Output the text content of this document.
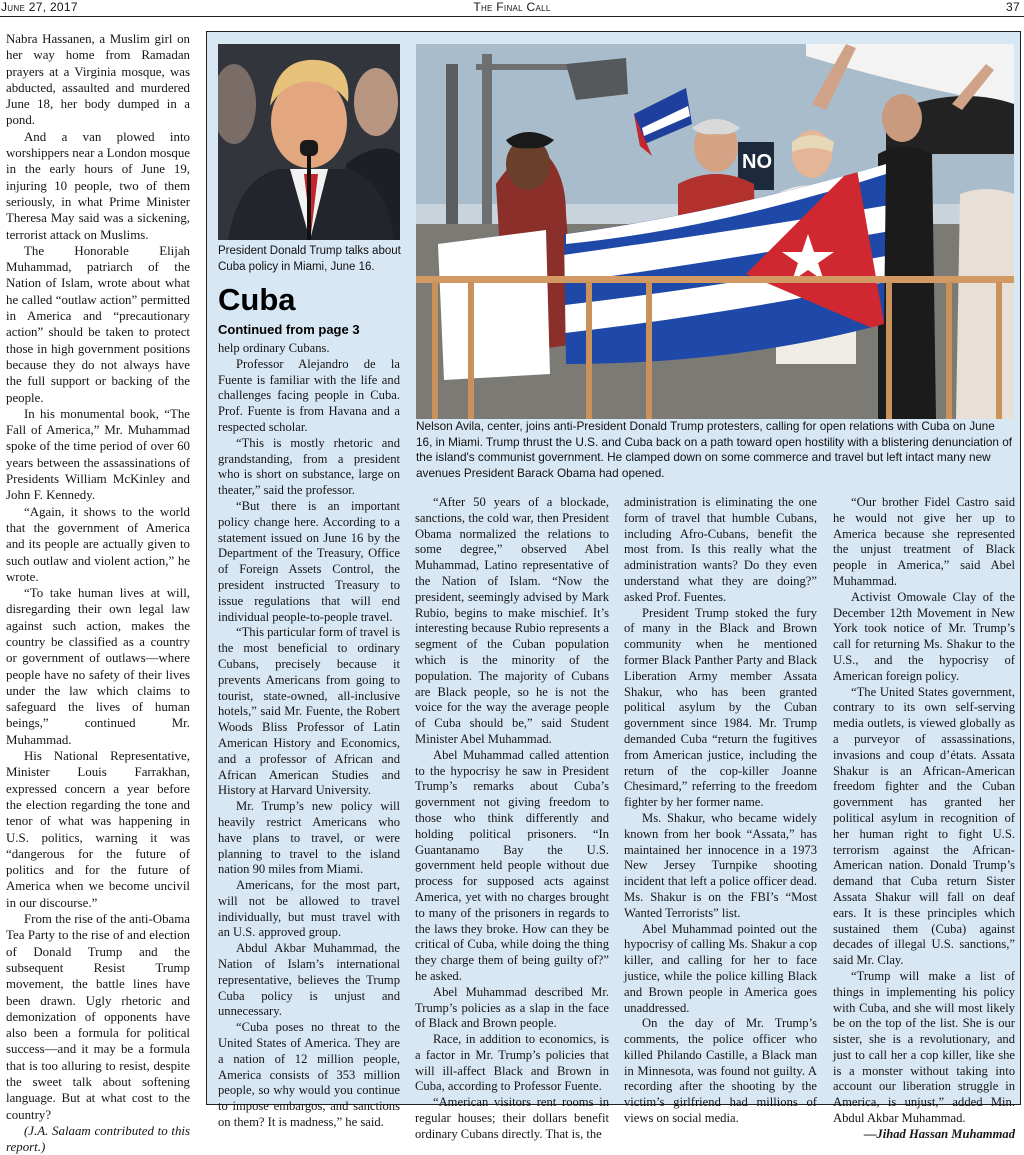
June 27, 2017	The Final Call	37

Nabra Hassanen, a Muslim girl on her way home from Ramadan prayers at a Virginia mosque, was abducted, assaulted and murdered June 18, her body dumped in a pond.

And a van plowed into worshippers near a London mosque in the early hours of June 19, injuring 10 people, two of them seriously, in what Prime Minister Theresa May said was a sickening, terrorist attack on Muslims.

The Honorable Elijah Muhammad, patriarch of the Nation of Islam, wrote about what he called “outlaw action” permitted in America and “precautionary action” should be taken to protect those in high government positions because they do not always have the full support or backing of the people.

In his monumental book, “The Fall of America,” Mr. Muhammad spoke of the time period of over 60 years between the assassinations of Presidents William McKinley and John F. Kennedy.

“Again, it shows to the world that the government of America and its people are actually given to such outlaw and violent action,” he wrote.

“To take human lives at will, disregarding their own legal law against such action, makes the country be classified as a country or government of outlaws—where people have no safety of their lives under the law which claims to safeguard the lives of human beings,” continued Mr. Muhammad.

His National Representative, Minister Louis Farrakhan, expressed concern a year before the election regarding the tone and tenor of what was happening in U.S. politics, warning it was “dangerous for the future of politics and for the future of America when we become uncivil in our discourse.”

From the rise of the anti-Obama Tea Party to the rise of and election of Donald Trump and the subsequent Resist Trump movement, the battle lines have been drawn. Ugly rhetoric and demonization of opponents have also been a formula for political success—and it may be a formula that is too alluring to resist, despite the sweet talk about softening language. But at what cost to the country?

(J.A. Salaam contributed to this report.)

President Donald Trump talks about Cuba policy in Miami, June 16.
NO
Nelson Avila, center, joins anti-President Donald Trump protesters, calling for open relations with Cuba on June 16, in Miami. Trump thrust the U.S. and Cuba back on a path toward open hostility with a blistering denunciation of the island's communist government. He clamped down on some commerce and travel but left intact many new avenues President Barack Obama had opened.
Cuba
Continued from page 3

help ordinary Cubans.

Professor Alejandro de la Fuente is familiar with the life and challenges facing people in Cuba. Prof. Fuente is from Havana and a respected scholar.

“This is mostly rhetoric and grandstanding, from a president who is short on substance, large on theater,” said the professor.

“But there is an important policy change here. According to a statement issued on June 16 by the Department of the Treasury, Office of Foreign Assets Control, the president instructed Treasury to issue regulations that will end individual people-to-people travel.

“This particular form of travel is the most beneficial to ordinary Cubans, precisely because it prevents Americans from going to tourist, state-owned, all-inclusive hotels,” said Mr. Fuente, the Robert Woods Bliss Professor of Latin American History and Economics, and a professor of African and African American Studies and History at Harvard University.

Mr. Trump’s new policy will heavily restrict Americans who have plans to travel, or were planning to travel to the island nation 90 miles from Miami.

Americans, for the most part, will not be allowed to travel individually, but must travel with an U.S. approved group.

Abdul Akbar Muhammad, the Nation of Islam’s international representative, believes the Trump Cuba policy is unjust and unnecessary.

“Cuba poses no threat to the United States of America. They are a nation of 12 million people, America consists of 353 million people, so why would you continue to impose embargos, and sanctions on them? It is madness,” he said.

“After 50 years of a blockade, sanctions, the cold war, then President Obama normalized the relations to some degree,” observed Abel Muhammad, Latino representative of the Nation of Islam. “Now the president, seemingly advised by Mark Rubio, begins to make mischief. It’s interesting because Rubio represents a segment of the Cuban population which is the minority of the population. The majority of Cubans are Black people, so he is not the voice for the way the average people of Cuba should be,” said Student Minister Abel Muhammad.

Abel Muhammad called attention to the hypocrisy he saw in President Trump’s remarks about Cuba’s government not giving freedom to those who think differently and holding political prisoners. “In Guantanamo Bay the U.S. government held people without due process for supposed acts against America, yet with no charges brought to many of the prisoners in regards to the laws they broke. How can they be critical of Cuba, while doing the thing they charge them of being guilty of?” he asked.

Abel Muhammad described Mr. Trump’s policies as a slap in the face of Black and Brown people.

Race, in addition to economics, is a factor in Mr. Trump’s policies that will ill-affect Black and Brown in Cuba, according to Professor Fuente.

“American visitors rent rooms in regular houses; their dollars benefit ordinary Cubans directly. That is, the

administration is eliminating the one form of travel that humble Cubans, including Afro-Cubans, benefit the most from. Is this really what the administration wants? Do they even understand what they are doing?” asked Prof. Fuentes.

President Trump stoked the fury of many in the Black and Brown community when he mentioned former Black Panther Party and Black Liberation Army member Assata Shakur, who has been granted political asylum by the Cuban government since 1984. Mr. Trump demanded Cuba “return the fugitives from American justice, including the return of the cop-killer Joanne Chesimard,” referring to the freedom fighter by her former name.

Ms. Shakur, who became widely known from her book “Assata,” has maintained her innocence in a 1973 New Jersey Turnpike shooting incident that left a police officer dead. Ms. Shakur is on the FBI’s “Most Wanted Terrorists” list.

Abel Muhammad pointed out the hypocrisy of calling Ms. Shakur a cop killer, and calling for her to face justice, while the police killing Black and Brown people in America goes unaddressed.

On the day of Mr. Trump’s comments, the police officer who killed Philando Castille, a Black man in Minnesota, was found not guilty. A recording after the shooting by the victim’s girlfriend had millions of views on social media.

“Our brother Fidel Castro said he would not give her up to America because she represented the unjust treatment of Black people in America,” said Abel Muhammad.

Activist Omowale Clay of the December 12th Movement in New York took notice of Mr. Trump’s call for returning Ms. Shakur to the U.S., and the hypocrisy of American foreign policy.

“The United States government, contrary to its own self-serving media outlets, is viewed globally as a purveyor of assassinations, invasions and coup d’états. Assata Shakur is an African-American freedom fighter and the Cuban government has granted her political asylum in recognition of her human right to fight U.S. terrorism against the African-American nation. Donald Trump’s demand that Cuba return Sister Assata Shakur will fall on deaf ears. It is these principles which sustained them (Cuba) against decades of illegal U.S. sanctions,” said Mr. Clay.

“Trump will make a list of things in implementing his policy with Cuba, and she will most likely be on the top of the list. She is our sister, she is a revolutionary, and just to call her a cop killer, like she is a monster without taking into account our liberation struggle in America, is unjust,” added Min. Abdul Akbar Muhammad.

—Jihad Hassan Muhammad
